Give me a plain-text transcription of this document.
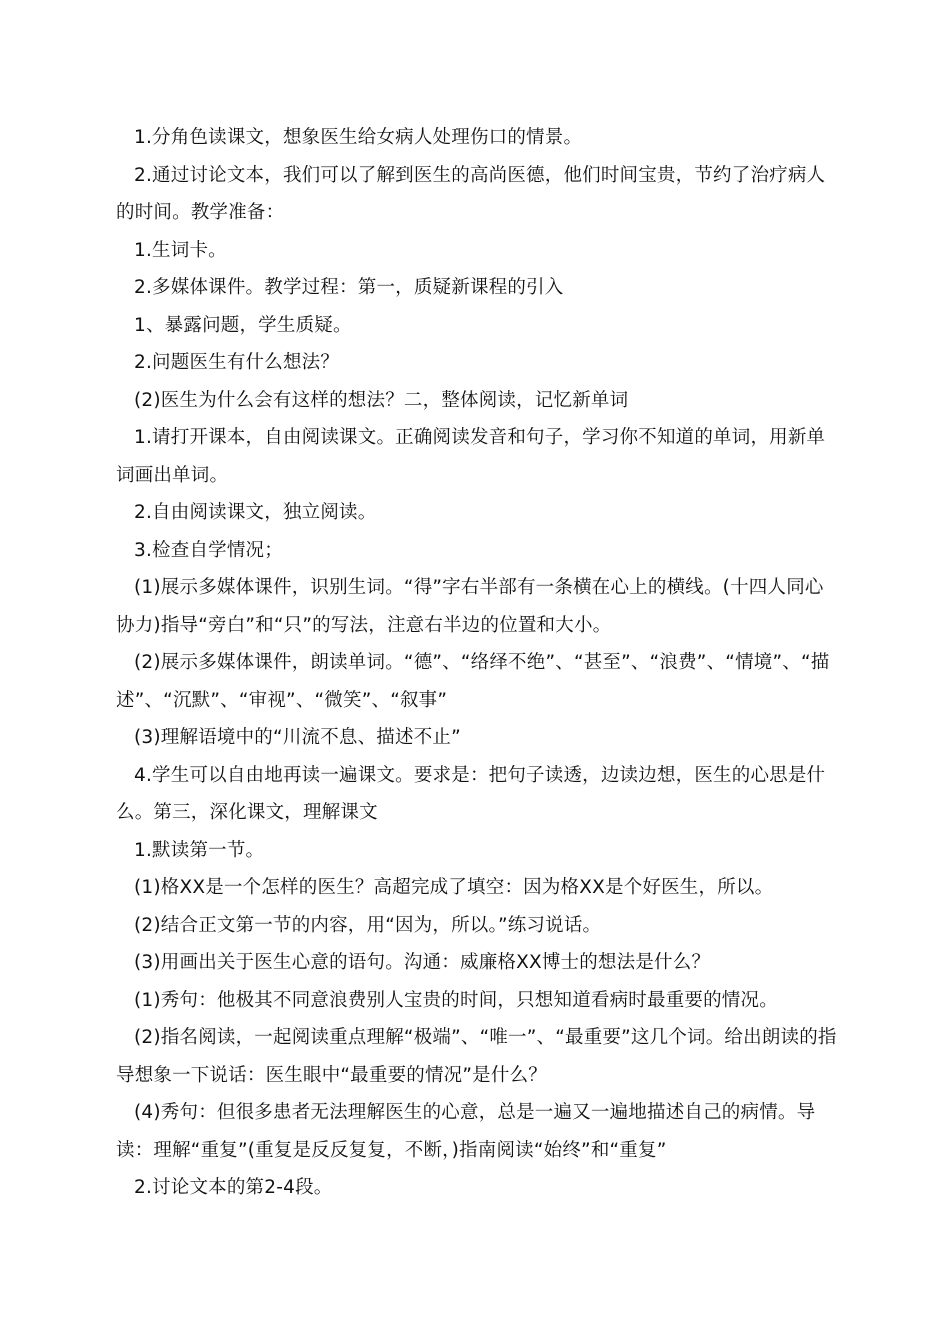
1.分角色读课文，想象医生给女病人处理伤口的情景。

2.通过讨论文本，我们可以了解到医生的高尚医德，他们时间宝贵，节约了治疗病人的时间。教学准备：

1.生词卡。

2.多媒体课件。教学过程：第一，质疑新课程的引入

1、暴露问题，学生质疑。

2.问题医生有什么想法？

(2)医生为什么会有这样的想法？二，整体阅读，记忆新单词

1.请打开课本，自由阅读课文。正确阅读发音和句子，学习你不知道的单词，用新单词画出单词。

2.自由阅读课文，独立阅读。

3.检查自学情况；

(1)展示多媒体课件，识别生词。“得”字右半部有一条横在心上的横线。(十四人同心协力)指导“旁白”和“只”的写法，注意右半边的位置和大小。

(2)展示多媒体课件，朗读单词。“德”、“络绎不绝”、“甚至”、“浪费”、“情境”、“描述”、“沉默”、“审视”、“微笑”、“叙事”

(3)理解语境中的“川流不息、描述不止”

4.学生可以自由地再读一遍课文。要求是：把句子读透，边读边想，医生的心思是什么。第三，深化课文，理解课文

1.默读第一节。

(1)格XX是一个怎样的医生？高超完成了填空：因为格XX是个好医生，所以。

(2)结合正文第一节的内容，用“因为，所以。”练习说话。

(3)用画出关于医生心意的语句。沟通：威廉格XX博士的想法是什么？

(1)秀句：他极其不同意浪费别人宝贵的时间，只想知道看病时最重要的情况。

(2)指名阅读，一起阅读重点理解“极端”、“唯一”、“最重要”这几个词。给出朗读的指导想象一下说话：医生眼中“最重要的情况”是什么？

(4)秀句：但很多患者无法理解医生的心意，总是一遍又一遍地描述自己的病情。导读：理解“重复”(重复是反反复复，不断，)指南阅读“始终”和“重复”

2.讨论文本的第2-4段。
